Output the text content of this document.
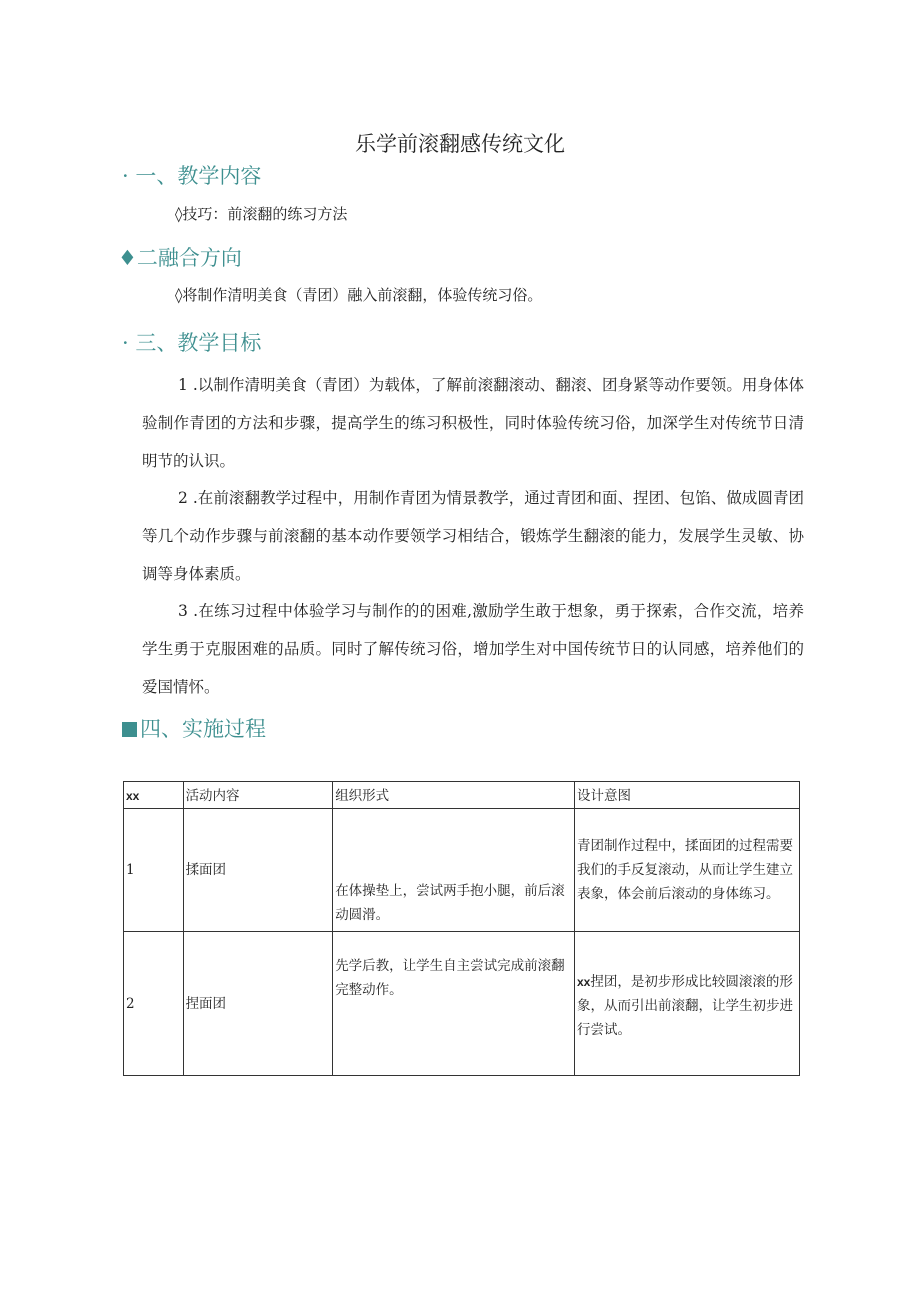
乐学前滚翻感传统文化
· 一、教学内容
◊技巧：前滚翻的练习方法
♦二融合方向
◊将制作清明美食（青团）融入前滚翻，体验传统习俗。
· 三、教学目标
1 .以制作清明美食（青团）为载体，了解前滚翻滚动、翻滚、团身紧等动作要领。用身体体验制作青团的方法和步骤，提高学生的练习积极性，同时体验传统习俗，加深学生对传统节日清明节的认识。
2 .在前滚翻教学过程中，用制作青团为情景教学，通过青团和面、捏团、包馅、做成圆青团等几个动作步骤与前滚翻的基本动作要领学习相结合，锻炼学生翻滚的能力，发展学生灵敏、协调等身体素质。
3 .在练习过程中体验学习与制作的的困难,激励学生敢于想象，勇于探索，合作交流，培养学生勇于克服困难的品质。同时了解传统习俗，增加学生对中国传统节日的认同感，培养他们的爱国情怀。
四、实施过程
xx	活动内容	组织形式	设计意图
1	揉面团	在体操垫上，尝试两手抱小腿，前后滚动圆滑。	青团制作过程中，揉面团的过程需要我们的手反复滚动，从而让学生建立表象，体会前后滚动的身体练习。
2	捏面团	先学后教，让学生自主尝试完成前滚翻完整动作。	xx捏团，是初步形成比较圆滚滚的形象，从而引出前滚翻，让学生初步进行尝试。
